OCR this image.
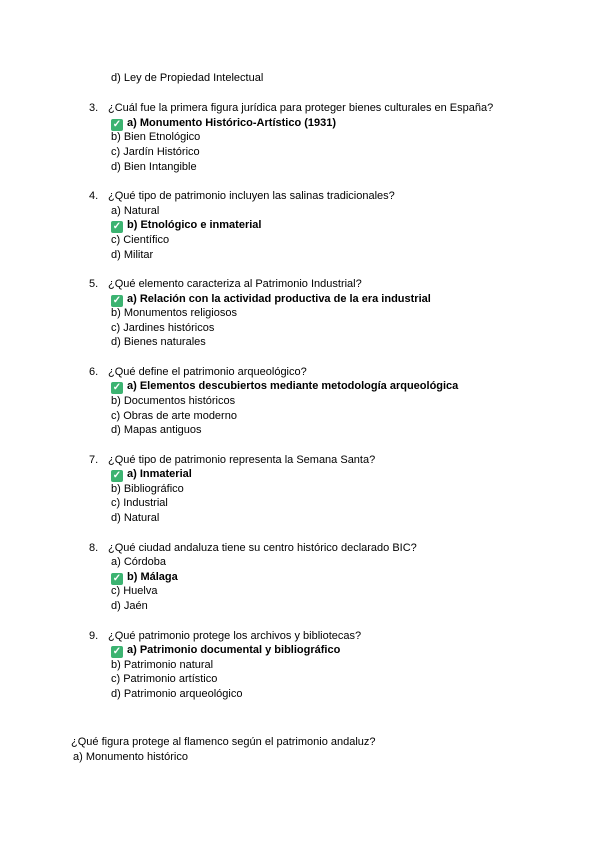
d) Ley de Propiedad Intelectual
3. ¿Cuál fue la primera figura jurídica para proteger bienes culturales en España?
✓ a) Monumento Histórico-Artístico (1931)
b) Bien Etnológico
c) Jardín Histórico
d) Bien Intangible
4. ¿Qué tipo de patrimonio incluyen las salinas tradicionales?
a) Natural
✓ b) Etnológico e inmaterial
c) Científico
d) Militar
5. ¿Qué elemento caracteriza al Patrimonio Industrial?
✓ a) Relación con la actividad productiva de la era industrial
b) Monumentos religiosos
c) Jardines históricos
d) Bienes naturales
6. ¿Qué define el patrimonio arqueológico?
✓ a) Elementos descubiertos mediante metodología arqueológica
b) Documentos históricos
c) Obras de arte moderno
d) Mapas antiguos
7. ¿Qué tipo de patrimonio representa la Semana Santa?
✓ a) Inmaterial
b) Bibliográfico
c) Industrial
d) Natural
8. ¿Qué ciudad andaluza tiene su centro histórico declarado BIC?
a) Córdoba
✓ b) Málaga
c) Huelva
d) Jaén
9. ¿Qué patrimonio protege los archivos y bibliotecas?
✓ a) Patrimonio documental y bibliográfico
b) Patrimonio natural
c) Patrimonio artístico
d) Patrimonio arqueológico
¿Qué figura protege al flamenco según el patrimonio andaluz?
a) Monumento histórico
